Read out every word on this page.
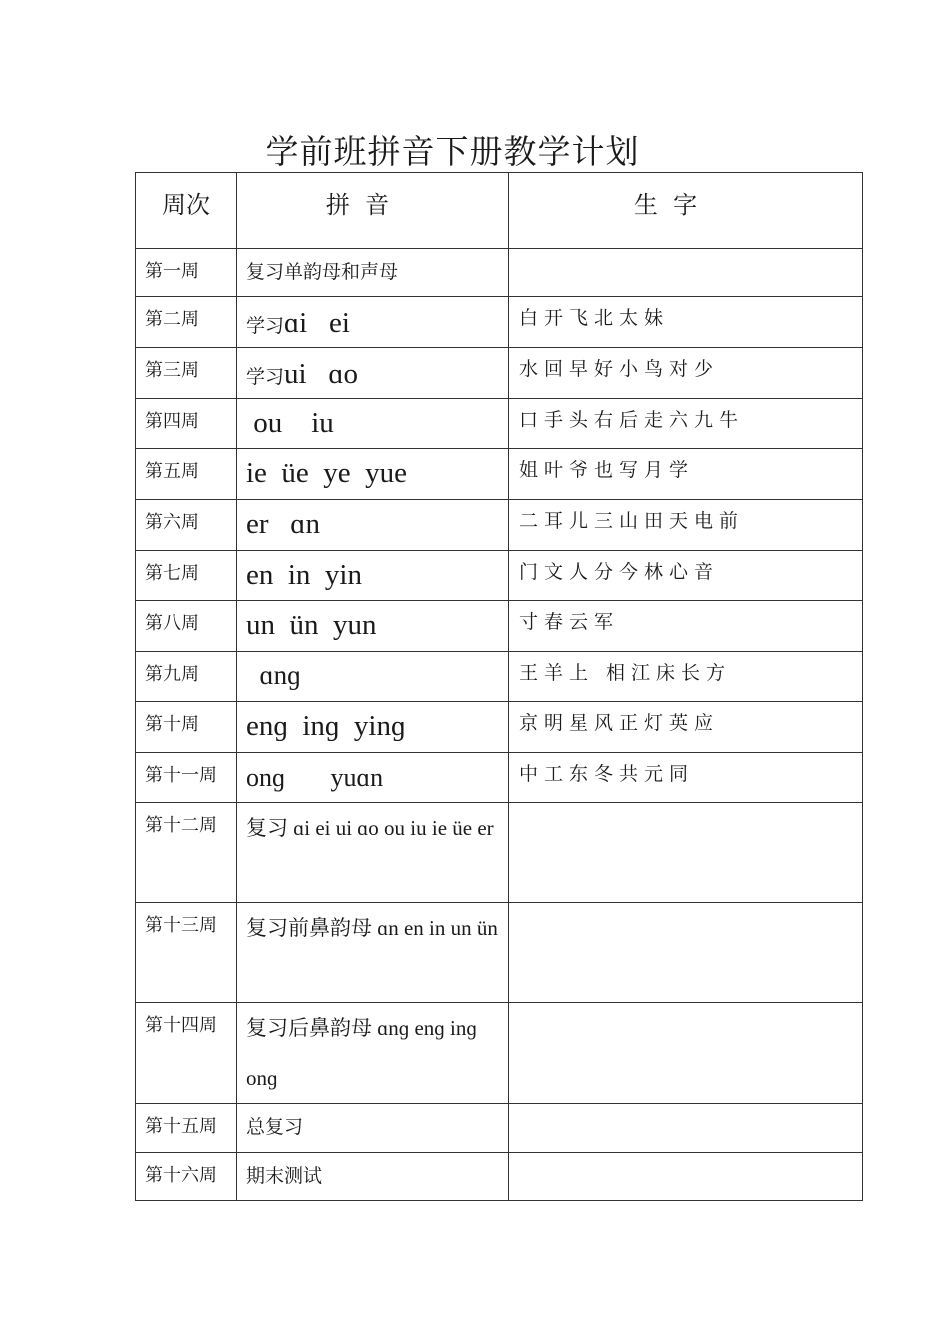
学前班拼音下册教学计划
周次	拼  音	生  字
第一周	复习单韵母和声母	
第二周	学习ɑi   ei	白开飞北太妹
第三周	学习ui   ɑo	水回早好小鸟对少
第四周	ou    iu	口手头右后走六九牛
第五周	ie  üe  ye  yue	姐叶爷也写月学
第六周	er   ɑn	二耳儿三山田天电前
第七周	en  in  yin	门文人分今林心音
第八周	un  ün  yun	寸春云军
第九周	ɑnɡ	王羊上 相江床长方
第十周	enɡ  inɡ  yinɡ	京明星风正灯英应
第十一周	onɡ       yuɑn	中工东冬共元同
第十二周	复习 ɑi ei ui ɑo ou iu ie üe er	
第十三周	复习前鼻韵母 ɑn en in un ün	
第十四周	复习后鼻韵母 ɑnɡ enɡ inɡ onɡ	
第十五周	总复习	
第十六周	期末测试	
